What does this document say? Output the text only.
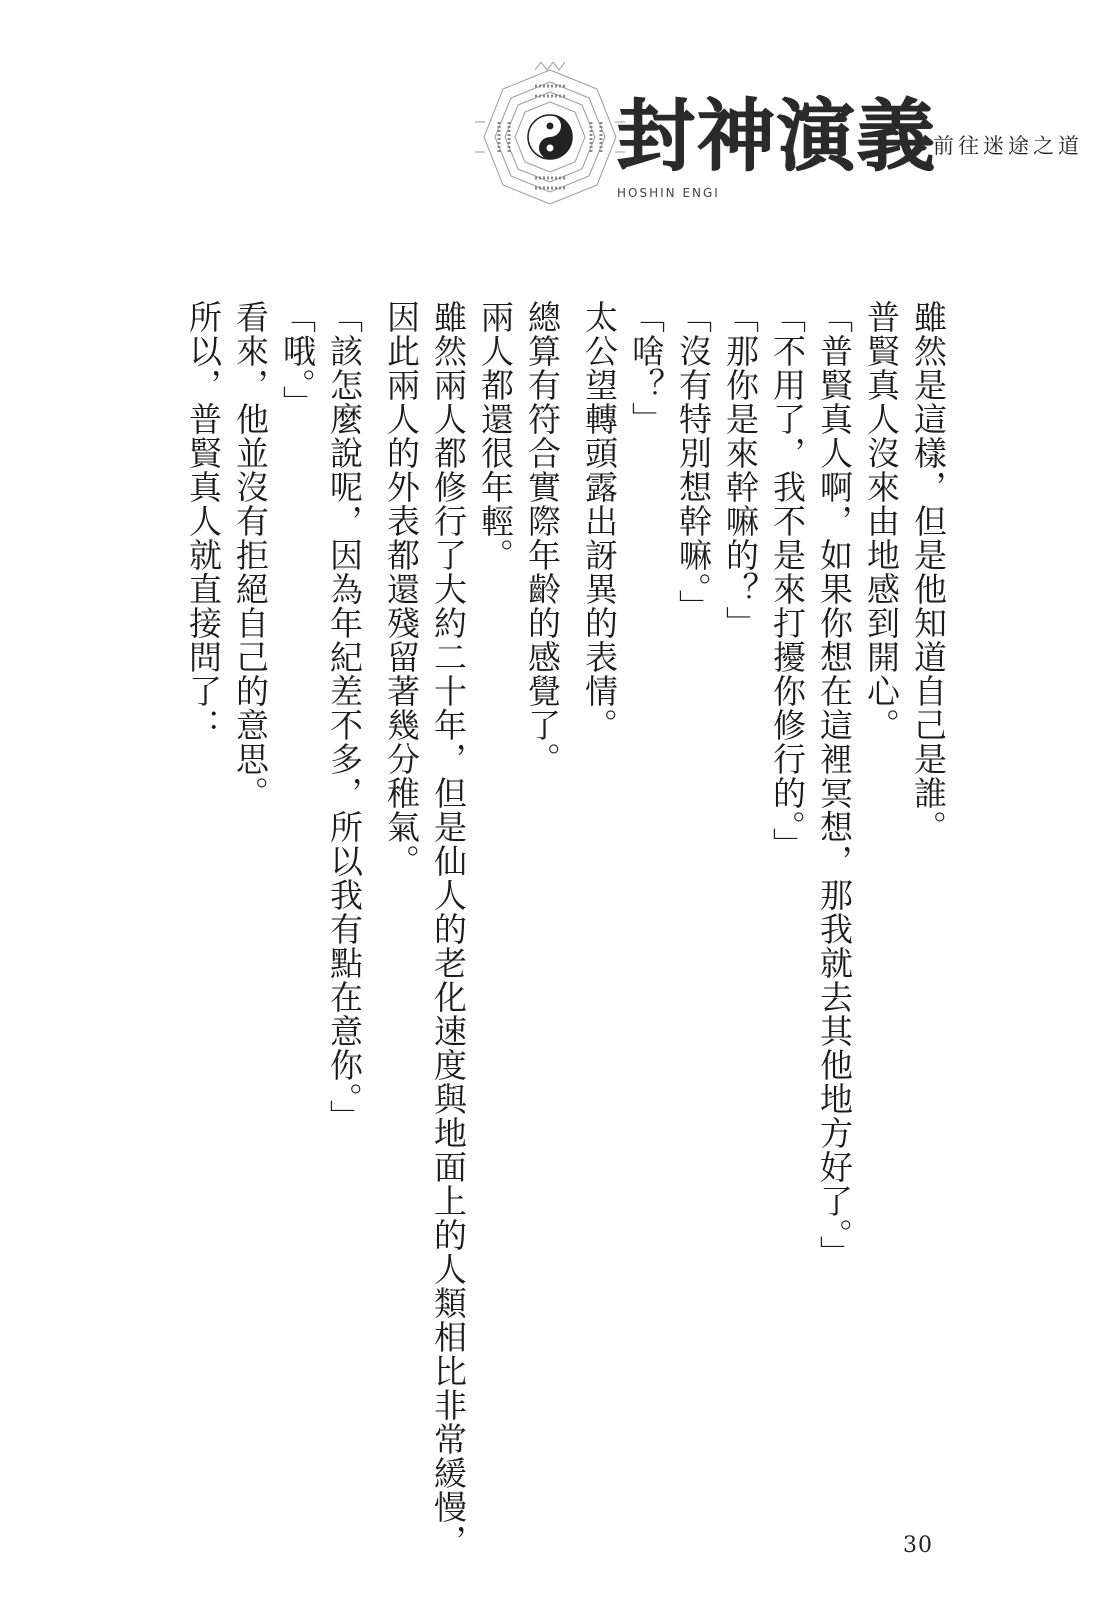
封神演義
HOSHIN ENGI
前往迷途之道

雖然是這樣，但是他知道自己是誰。

普賢真人沒來由地感到開心。

「普賢真人啊，如果你想在這裡冥想，那我就去其他地方好了。」

「不用了，我不是來打擾你修行的。」

「那你是來幹嘛的？」

「沒有特別想幹嘛。」

「啥？」

太公望轉頭露出訝異的表情。

總算有符合實際年齡的感覺了。

兩人都還很年輕。

雖然兩人都修行了大約二十年，但是仙人的老化速度與地面上的人類相比非常緩慢，因此兩人的外表都還殘留著幾分稚氣。

「該怎麼說呢，因為年紀差不多，所以我有點在意你。」

「哦。」

看來，他並沒有拒絕自己的意思。

所以，普賢真人就直接問了：

30
